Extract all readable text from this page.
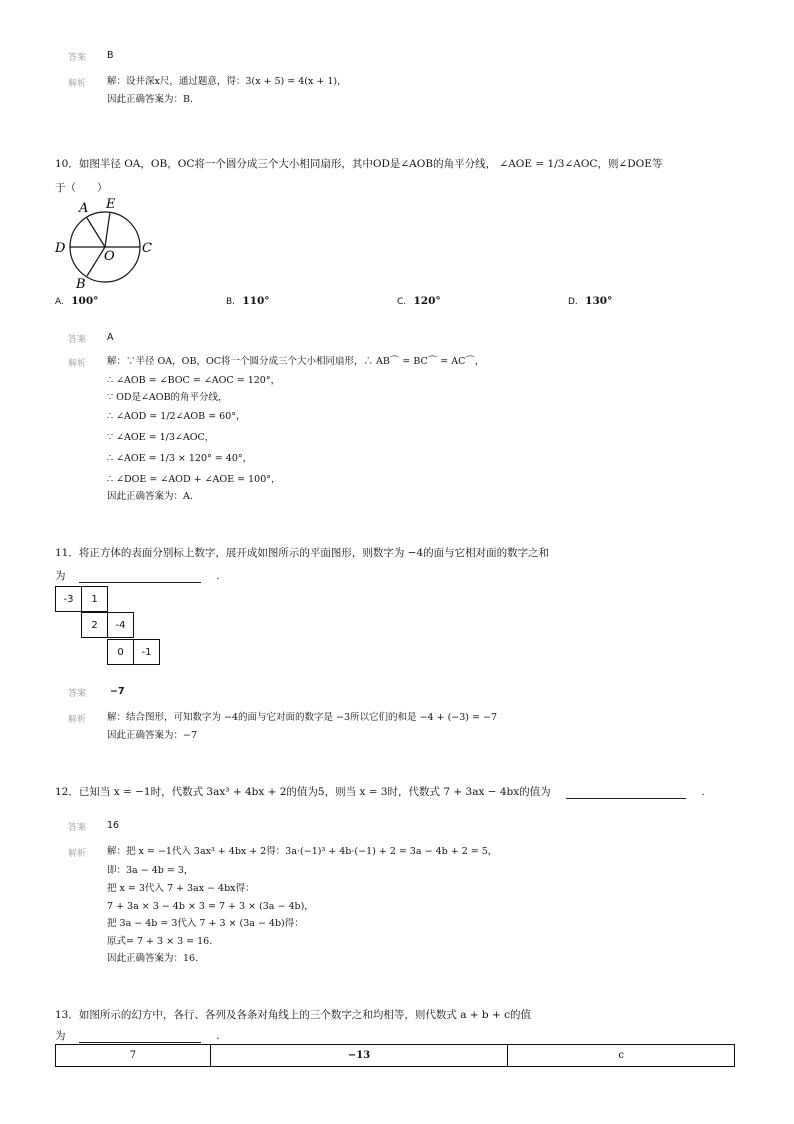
答案 B
解析 解：设井深x尺，通过题意，得：3(x + 5) = 4(x + 1)，
因此正确答案为：B.
10．如图半径 OA，OB，OC将一个圆分成三个大小相同扇形，其中OD是∠AOB的角平分线， ∠AOE = 1/3∠AOC，则∠DOE等
于（　　）
A E
D	C
O
B
A. 100°	B. 110°	C. 120°	D. 130°
答案 A
解析 解：∵半径 OA，OB，OC将一个圆分成三个大小相同扇形，∴ AB⌒ = BC⌒ = AC⌒，
∴ ∠AOB = ∠BOC = ∠AOC = 120°，
∵ OD是∠AOB的角平分线，
∴ ∠AOD = 1/2∠AOB = 60°，
∵ ∠AOE = 1/3∠AOC，
∴ ∠AOE = 1/3 × 120° = 40°，
∴ ∠DOE = ∠AOD + ∠AOE = 100°，
因此正确答案为：A.
11．将正方体的表面分别标上数字，展开成如图所示的平面图形，则数字为 −4的面与它相对面的数字之和
为	.
-3	1
2	-4
0	-1
答案	−7
解析 解：结合图形，可知数字为 −4的面与它对面的数字是 −3所以它们的和是 −4 + (−3) = −7
因此正确答案为：−7
12．已知当 x = −1时，代数式 3ax³ + 4bx + 2的值为5，则当 x = 3时，代数式 7 + 3ax − 4bx的值为	.
答案 16
解析 解：把 x = −1代入 3ax³ + 4bx + 2得：3a·(−1)³ + 4b·(−1) + 2 = 3a − 4b + 2 = 5，
即：3a − 4b = 3，
把 x = 3代入 7 + 3ax − 4bx得：
7 + 3a × 3 − 4b × 3 = 7 + 3 × (3a − 4b)，
把 3a − 4b = 3代入 7 + 3 × (3a − 4b)得：
原式= 7 + 3 × 3 = 16.
因此正确答案为：16.
13．如图所示的幻方中，各行、各列及各条对角线上的三个数字之和均相等，则代数式 a + b + c的值
为	.
7	−13	c
